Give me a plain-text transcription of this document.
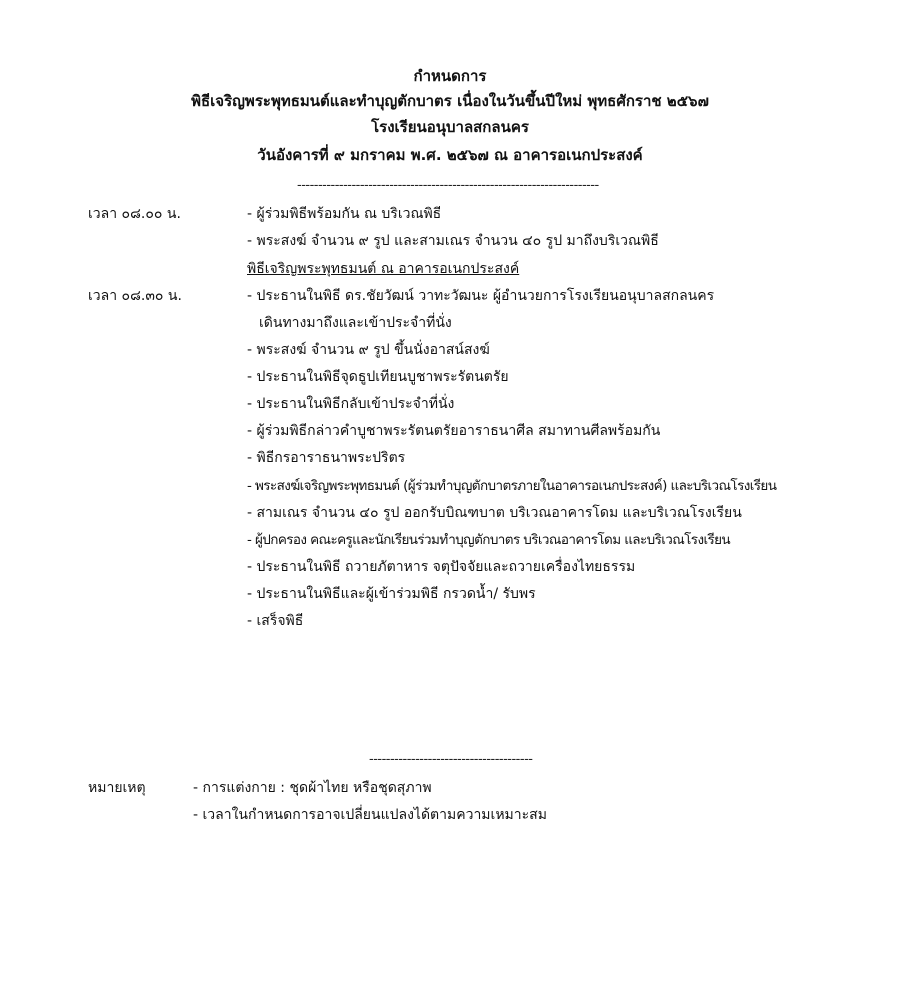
กำหนดการ
พิธีเจริญพระพุทธมนต์และทำบุญตักบาตร เนื่องในวันขึ้นปีใหม่ พุทธศักราช ๒๕๖๗
โรงเรียนอนุบาลสกลนคร
วันอังคารที่ ๙ มกราคม พ.ศ. ๒๕๖๗ ณ อาคารอเนกประสงค์
------------------------------------------------------------------------
เวลา ๐๘.๐๐ น.	- ผู้ร่วมพิธีพร้อมกัน ณ บริเวณพิธี
- พระสงฆ์ จำนวน ๙ รูป และสามเณร จำนวน ๔๐ รูป มาถึงบริเวณพิธี
พิธีเจริญพระพุทธมนต์ ณ อาคารอเนกประสงค์
เวลา ๐๘.๓๐ น.	- ประธานในพิธี ดร.ชัยวัฒน์ วาทะวัฒนะ ผู้อำนวยการโรงเรียนอนุบาลสกลนคร
เดินทางมาถึงและเข้าประจำที่นั่ง
- พระสงฆ์ จำนวน ๙ รูป ขึ้นนั่งอาสน์สงฆ์
- ประธานในพิธีจุดธูปเทียนบูชาพระรัตนตรัย
- ประธานในพิธีกลับเข้าประจำที่นั่ง
- ผู้ร่วมพิธีกล่าวคำบูชาพระรัตนตรัยอาราธนาศีล สมาทานศีลพร้อมกัน
- พิธีกรอาราธนาพระปริตร
- พระสงฆ์เจริญพระพุทธมนต์ (ผู้ร่วมทำบุญตักบาตรภายในอาคารอเนกประสงค์) และบริเวณโรงเรียน
- สามเณร จำนวน ๔๐ รูป ออกรับบิณฑบาต บริเวณอาคารโดม และบริเวณโรงเรียน
- ผู้ปกครอง คณะครูและนักเรียนร่วมทำบุญตักบาตร บริเวณอาคารโดม และบริเวณโรงเรียน
- ประธานในพิธี ถวายภัตาหาร จตุปัจจัยและถวายเครื่องไทยธรรม
- ประธานในพิธีและผู้เข้าร่วมพิธี กรวดน้ำ/ รับพร
- เสร็จพิธี
---------------------------------------
หมายเหตุ	- การแต่งกาย : ชุดผ้าไทย หรือชุดสุภาพ
- เวลาในกำหนดการอาจเปลี่ยนแปลงได้ตามความเหมาะสม
